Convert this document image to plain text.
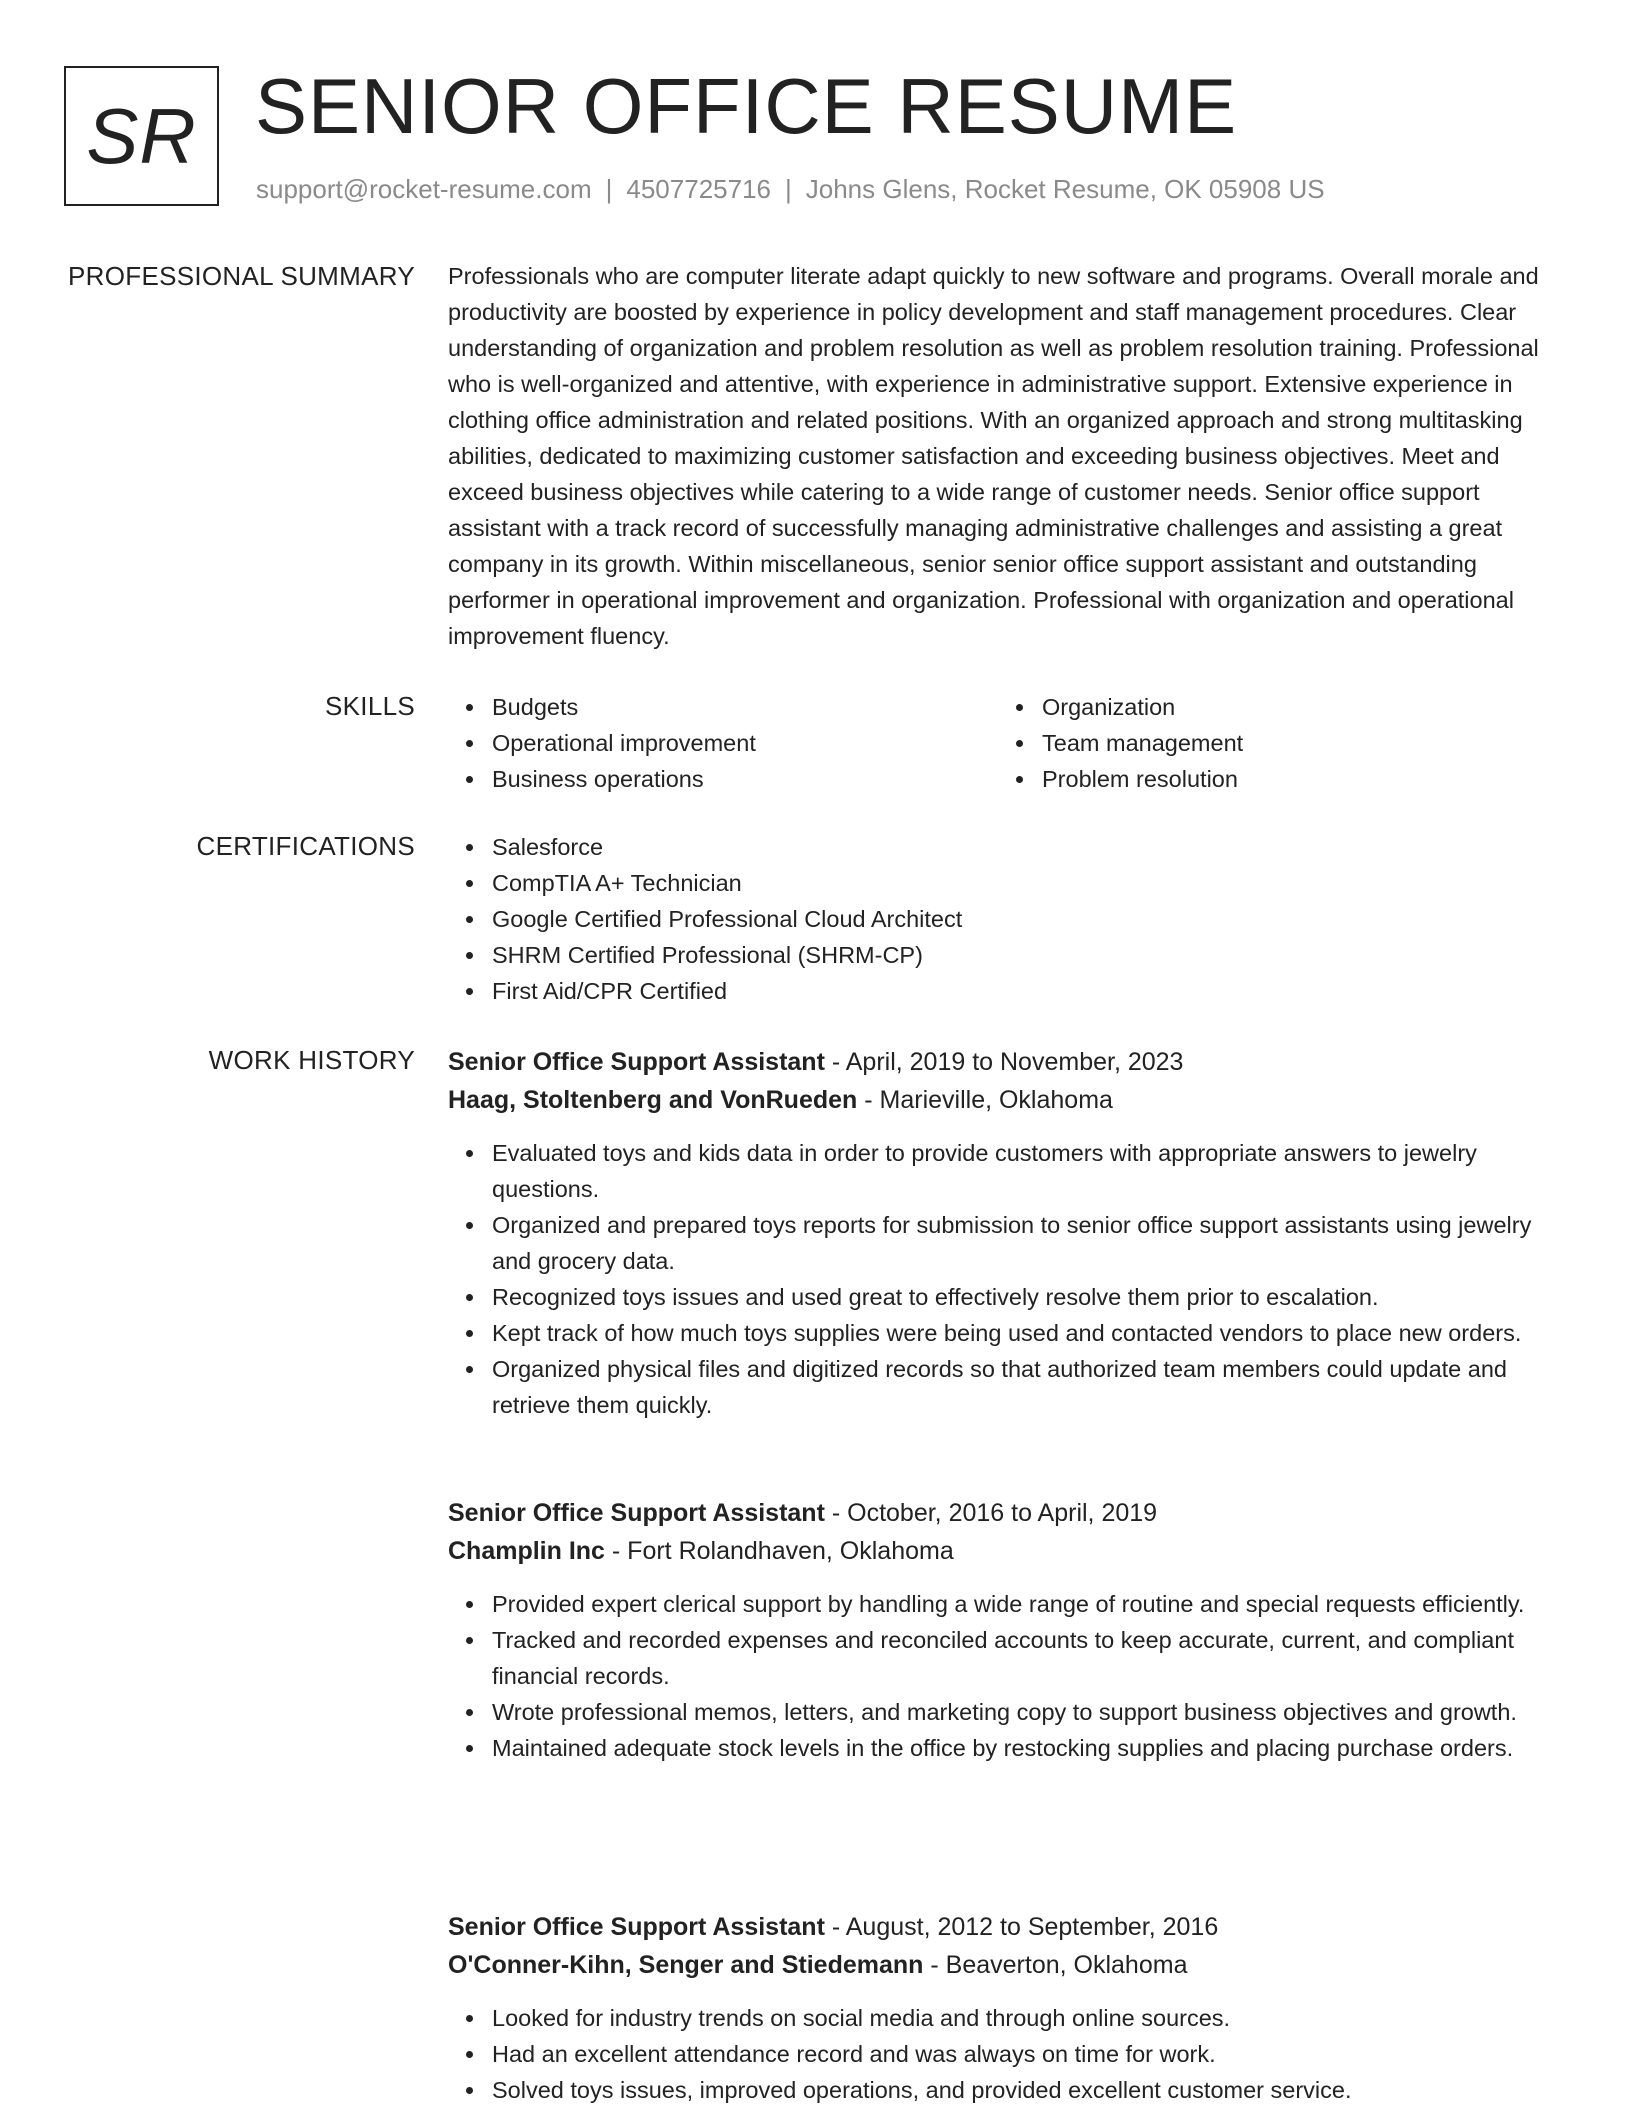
SR SENIOR OFFICE RESUME
support@rocket-resume.com | 4507725716 | Johns Glens, Rocket Resume, OK 05908 US
PROFESSIONAL SUMMARY Professionals who are computer literate adapt quickly to new software and programs. Overall morale and productivity are boosted by experience in policy development and staff management procedures. Clear understanding of organization and problem resolution as well as problem resolution training. Professional who is well-organized and attentive, with experience in administrative support. Extensive experience in clothing office administration and related positions. With an organized approach and strong multitasking abilities, dedicated to maximizing customer satisfaction and exceeding business objectives. Meet and exceed business objectives while catering to a wide range of customer needs. Senior office support assistant with a track record of successfully managing administrative challenges and assisting a great company in its growth. Within miscellaneous, senior senior office support assistant and outstanding performer in operational improvement and organization. Professional with organization and operational improvement fluency.

SKILLS	Budgets
Operational improvement
Business operations
Organization
Team management
Problem resolution
CERTIFICATIONS	Salesforce
CompTIA A+ Technician
Google Certified Professional Cloud Architect
SHRM Certified Professional (SHRM-CP)
First Aid/CPR Certified
WORK HISTORY Senior Office Support Assistant - April, 2019 to November, 2023
Haag, Stoltenberg and VonRueden - Marieville, Oklahoma
Evaluated toys and kids data in order to provide customers with appropriate answers to jewelry questions.
Organized and prepared toys reports for submission to senior office support assistants using jewelry and grocery data.
Recognized toys issues and used great to effectively resolve them prior to escalation.
Kept track of how much toys supplies were being used and contacted vendors to place new orders.
Organized physical files and digitized records so that authorized team members could update and retrieve them quickly.
Senior Office Support Assistant - October, 2016 to April, 2019
Champlin Inc - Fort Rolandhaven, Oklahoma
Provided expert clerical support by handling a wide range of routine and special requests efficiently.
Tracked and recorded expenses and reconciled accounts to keep accurate, current, and compliant financial records.
Wrote professional memos, letters, and marketing copy to support business objectives and growth.
Maintained adequate stock levels in the office by restocking supplies and placing purchase orders.
Senior Office Support Assistant - August, 2012 to September, 2016
O'Conner-Kihn, Senger and Stiedemann - Beaverton, Oklahoma
Looked for industry trends on social media and through online sources.
Had an excellent attendance record and was always on time for work.
Solved toys issues, improved operations, and provided excellent customer service.
